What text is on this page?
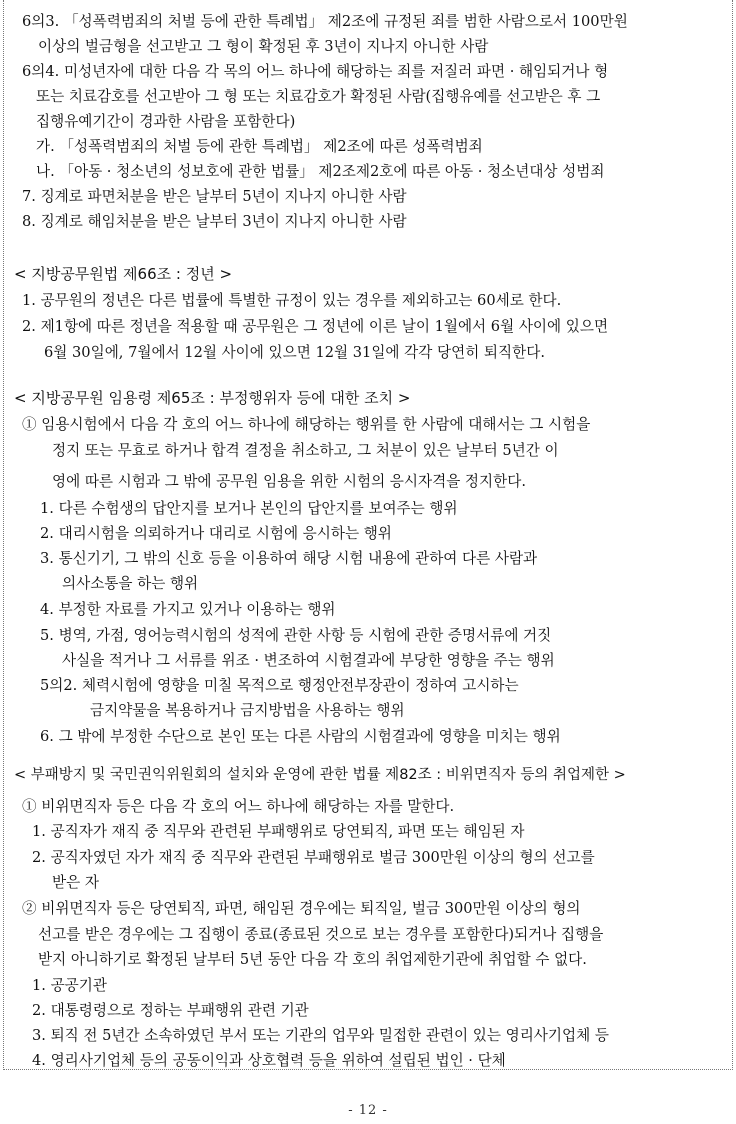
6의3. 「성폭력범죄의 처벌 등에 관한 특례법」 제2조에 규정된 죄를 범한 사람으로서 100만원
이상의 벌금형을 선고받고 그 형이 확정된 후 3년이 지나지 아니한 사람
6의4. 미성년자에 대한 다음 각 목의 어느 하나에 해당하는 죄를 저질러 파면 · 해임되거나 형
또는 치료감호를 선고받아 그 형 또는 치료감호가 확정된 사람(집행유예를 선고받은 후 그
집행유예기간이 경과한 사람을 포함한다)
가. 「성폭력범죄의 처벌 등에 관한 특례법」 제2조에 따른 성폭력범죄
나. 「아동 · 청소년의 성보호에 관한 법률」 제2조제2호에 따른 아동 · 청소년대상 성범죄
7. 징계로 파면처분을 받은 날부터 5년이 지나지 아니한 사람
8. 징계로 해임처분을 받은 날부터 3년이 지나지 아니한 사람
< 지방공무원법 제66조 : 정년 >
1. 공무원의 정년은 다른 법률에 특별한 규정이 있는 경우를 제외하고는 60세로 한다.
2. 제1항에 따른 정년을 적용할 때 공무원은 그 정년에 이른 날이 1월에서 6월 사이에 있으면
6월 30일에, 7월에서 12월 사이에 있으면 12월 31일에 각각 당연히 퇴직한다.
< 지방공무원 임용령 제65조 : 부정행위자 등에 대한 조치 >
① 임용시험에서 다음 각 호의 어느 하나에 해당하는 행위를 한 사람에 대해서는 그 시험을
정지 또는 무효로 하거나 합격 결정을 취소하고, 그 처분이 있은 날부터 5년간 이
영에 따른 시험과 그 밖에 공무원 임용을 위한 시험의 응시자격을 정지한다.
1. 다른 수험생의 답안지를 보거나 본인의 답안지를 보여주는 행위
2. 대리시험을 의뢰하거나 대리로 시험에 응시하는 행위
3. 통신기기, 그 밖의 신호 등을 이용하여 해당 시험 내용에 관하여 다른 사람과
의사소통을 하는 행위
4. 부정한 자료를 가지고 있거나 이용하는 행위
5. 병역, 가점, 영어능력시험의 성적에 관한 사항 등 시험에 관한 증명서류에 거짓
사실을 적거나 그 서류를 위조 · 변조하여 시험결과에 부당한 영향을 주는 행위
5의2. 체력시험에 영향을 미칠 목적으로 행정안전부장관이 정하여 고시하는
금지약물을 복용하거나 금지방법을 사용하는 행위
6. 그 밖에 부정한 수단으로 본인 또는 다른 사람의 시험결과에 영향을 미치는 행위
< 부패방지 및 국민권익위원회의 설치와 운영에 관한 법률 제82조 : 비위면직자 등의 취업제한 >
① 비위면직자 등은 다음 각 호의 어느 하나에 해당하는 자를 말한다.
1. 공직자가 재직 중 직무와 관련된 부패행위로 당연퇴직, 파면 또는 해임된 자
2. 공직자였던 자가 재직 중 직무와 관련된 부패행위로 벌금 300만원 이상의 형의 선고를
받은 자
② 비위면직자 등은 당연퇴직, 파면, 해임된 경우에는 퇴직일, 벌금 300만원 이상의 형의
선고를 받은 경우에는 그 집행이 종료(종료된 것으로 보는 경우를 포함한다)되거나 집행을
받지 아니하기로 확정된 날부터 5년 동안 다음 각 호의 취업제한기관에 취업할 수 없다.
1. 공공기관
2. 대통령령으로 정하는 부패행위 관련 기관
3. 퇴직 전 5년간 소속하였던 부서 또는 기관의 업무와 밀접한 관련이 있는 영리사기업체 등
4. 영리사기업체 등의 공동이익과 상호협력 등을 위하여 설립된 법인 · 단체
- 12 -
